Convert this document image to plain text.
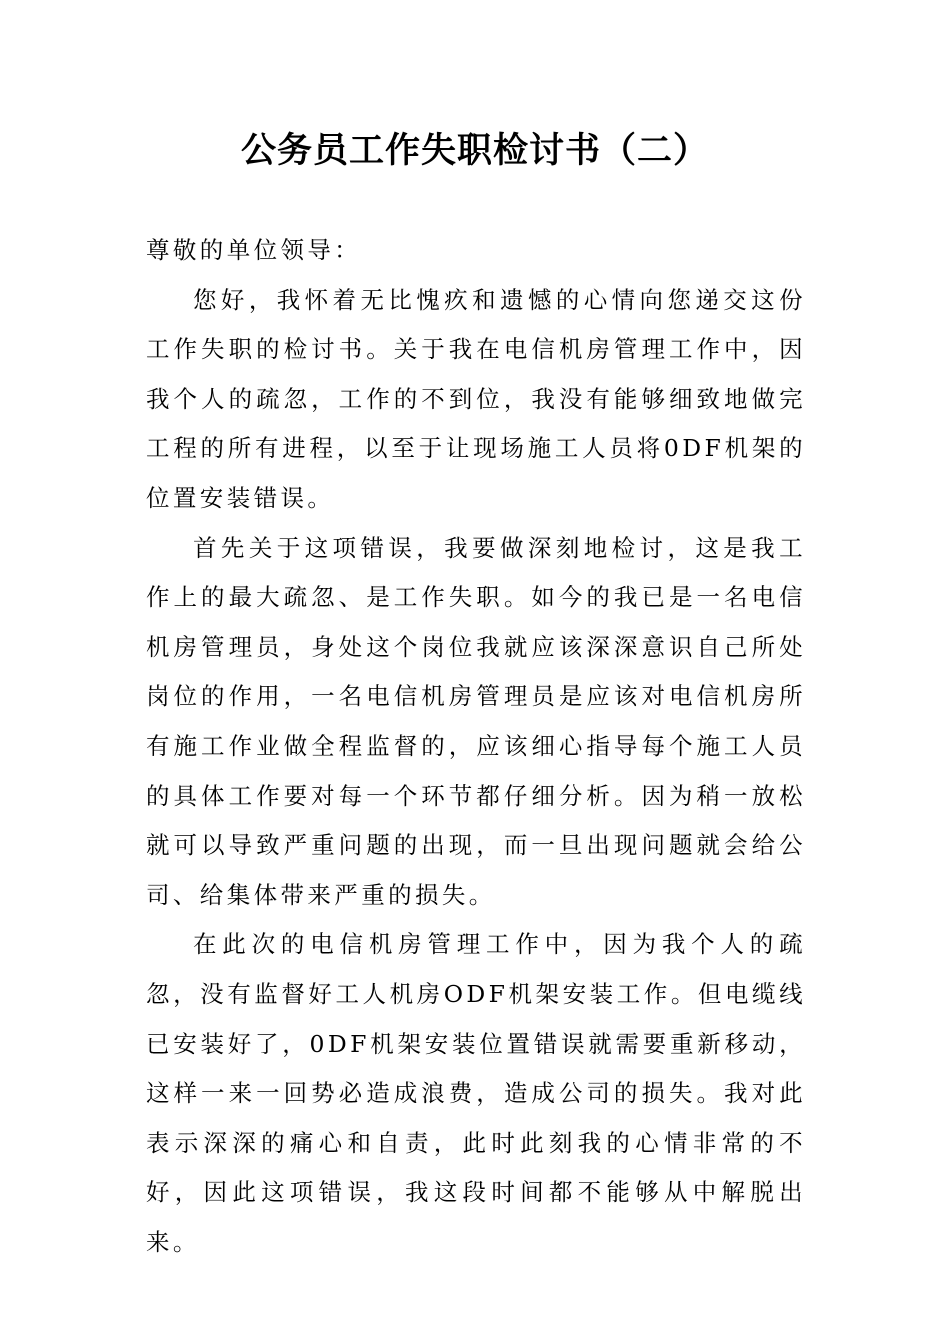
公务员工作失职检讨书（二）

尊敬的单位领导：

您好，我怀着无比愧疚和遗憾的心情向您递交这份工作失职的检讨书。关于我在电信机房管理工作中，因我个人的疏忽，工作的不到位，我没有能够细致地做完工程的所有进程，以至于让现场施工人员将0DF机架的位置安装错误。

首先关于这项错误，我要做深刻地检讨，这是我工作上的最大疏忽、是工作失职。如今的我已是一名电信机房管理员，身处这个岗位我就应该深深意识自己所处岗位的作用，一名电信机房管理员是应该对电信机房所有施工作业做全程监督的，应该细心指导每个施工人员的具体工作要对每一个环节都仔细分析。因为稍一放松就可以导致严重问题的出现，而一旦出现问题就会给公司、给集体带来严重的损失。

在此次的电信机房管理工作中，因为我个人的疏忽，没有监督好工人机房ODF机架安装工作。但电缆线已安装好了，0DF机架安装位置错误就需要重新移动，这样一来一回势必造成浪费，造成公司的损失。我对此表示深深的痛心和自责，此时此刻我的心情非常的不好，因此这项错误，我这段时间都不能够从中解脱出来。
